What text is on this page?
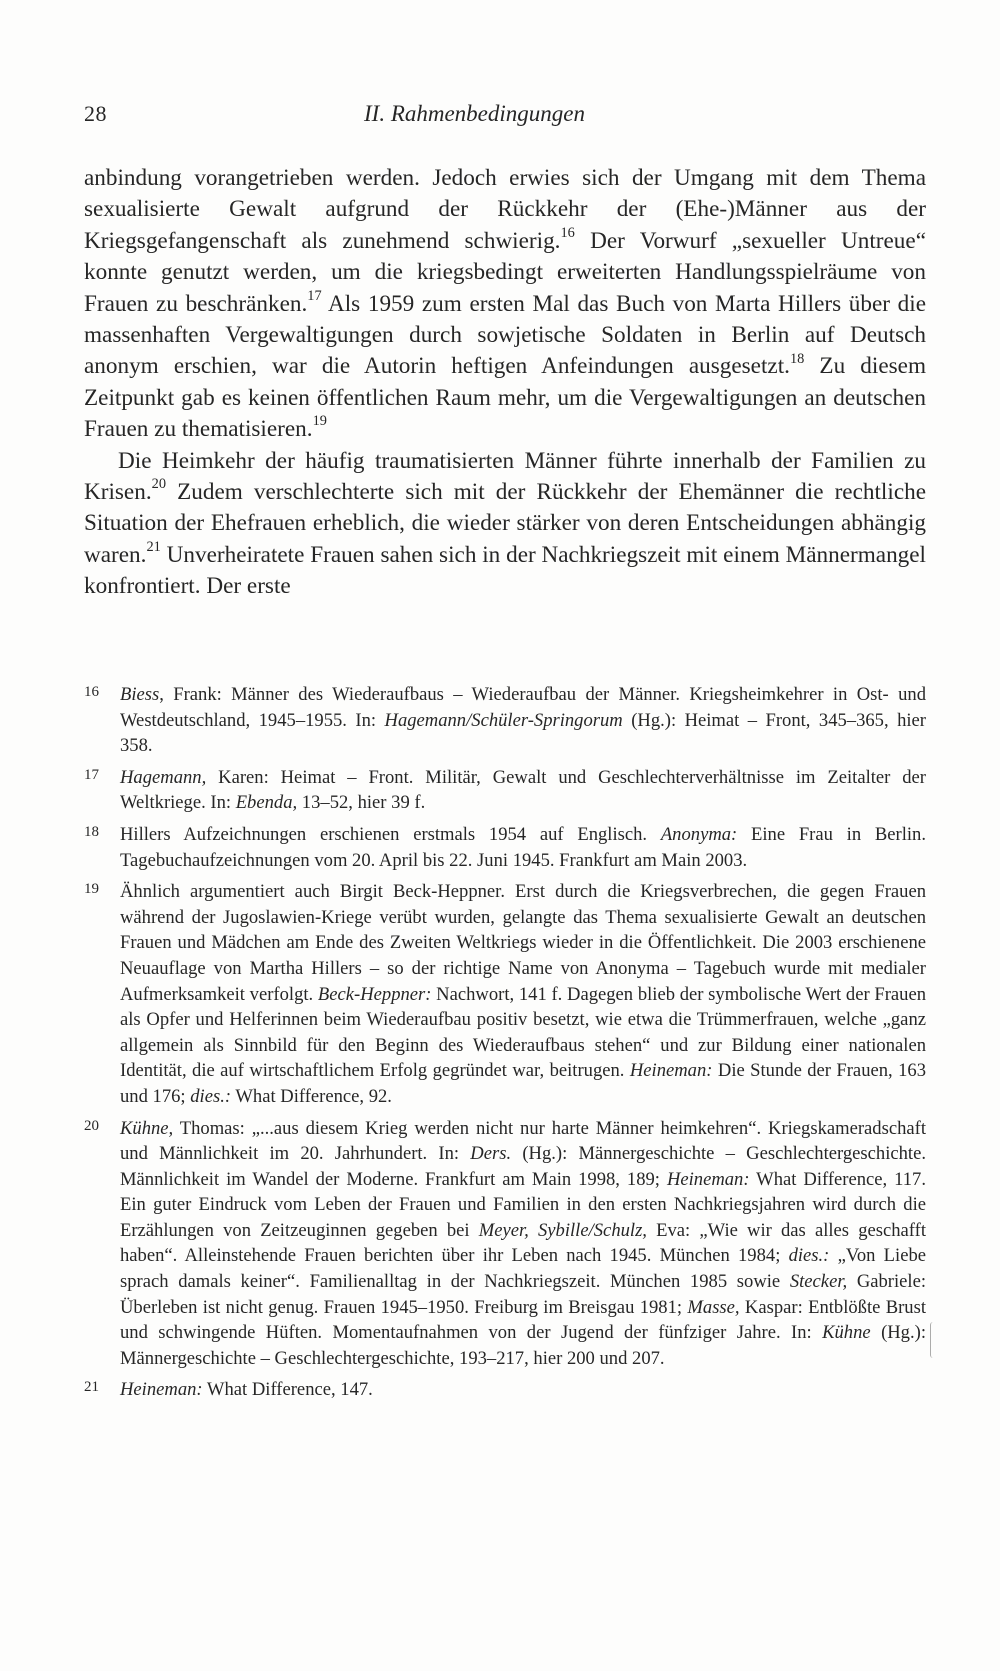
28	II. Rahmenbedingungen

anbindung vorangetrieben werden. Jedoch erwies sich der Umgang mit dem Thema sexualisierte Gewalt aufgrund der Rückkehr der (Ehe-)Männer aus der Kriegsgefangenschaft als zunehmend schwierig.$^{16}$ Der Vorwurf „sexueller Untreue“ konnte genutzt werden, um die kriegsbedingt erweiterten Handlungsspielräume von Frauen zu beschränken.$^{17}$ Als 1959 zum ersten Mal das Buch von Marta Hillers über die massenhaften Vergewaltigungen durch sowjetische Soldaten in Berlin auf Deutsch anonym erschien, war die Autorin heftigen Anfeindungen ausgesetzt.$^{18}$ Zu diesem Zeitpunkt gab es keinen öffentlichen Raum mehr, um die Vergewaltigungen an deutschen Frauen zu thematisieren.$^{19}$

Die Heimkehr der häufig traumatisierten Männer führte innerhalb der Familien zu Krisen.$^{20}$ Zudem verschlechterte sich mit der Rückkehr der Ehemänner die rechtliche Situation der Ehefrauen erheblich, die wieder stärker von deren Entscheidungen abhängig waren.$^{21}$ Unverheiratete Frauen sahen sich in der Nachkriegszeit mit einem Männermangel konfrontiert. Der erste

16 Biess, Frank: Männer des Wiederaufbaus – Wiederaufbau der Männer. Kriegsheimkehrer in Ost- und Westdeutschland, 1945–1955. In: Hagemann/Schüler-Springorum (Hg.): Heimat – Front, 345–365, hier 358.
17 Hagemann, Karen: Heimat – Front. Militär, Gewalt und Geschlechterverhältnisse im Zeitalter der Weltkriege. In: Ebenda, 13–52, hier 39 f.
18 Hillers Aufzeichnungen erschienen erstmals 1954 auf Englisch. Anonyma: Eine Frau in Berlin. Tagebuchaufzeichnungen vom 20. April bis 22. Juni 1945. Frankfurt am Main 2003.
19 Ähnlich argumentiert auch Birgit Beck-Heppner. Erst durch die Kriegsverbrechen, die gegen Frauen während der Jugoslawien-Kriege verübt wurden, gelangte das Thema sexualisierte Gewalt an deutschen Frauen und Mädchen am Ende des Zweiten Weltkriegs wieder in die Öffentlichkeit. Die 2003 erschienene Neuauflage von Martha Hillers – so der richtige Name von Anonyma – Tagebuch wurde mit medialer Aufmerksamkeit verfolgt. Beck-Heppner: Nachwort, 141 f. Dagegen blieb der symbolische Wert der Frauen als Opfer und Helferinnen beim Wiederaufbau positiv besetzt, wie etwa die Trümmerfrauen, welche „ganz allgemein als Sinnbild für den Beginn des Wiederaufbaus stehen“ und zur Bildung einer nationalen Identität, die auf wirtschaftlichem Erfolg gegründet war, beitrugen. Heineman: Die Stunde der Frauen, 163 und 176; dies.: What Difference, 92.
20 Kühne, Thomas: „...aus diesem Krieg werden nicht nur harte Männer heimkehren“. Kriegskameradschaft und Männlichkeit im 20. Jahrhundert. In: Ders. (Hg.): Männergeschichte – Geschlechtergeschichte. Männlichkeit im Wandel der Moderne. Frankfurt am Main 1998, 189; Heineman: What Difference, 117. Ein guter Eindruck vom Leben der Frauen und Familien in den ersten Nachkriegsjahren wird durch die Erzählungen von Zeitzeuginnen gegeben bei Meyer, Sybille/Schulz, Eva: „Wie wir das alles geschafft haben“. Alleinstehende Frauen berichten über ihr Leben nach 1945. München 1984; dies.: „Von Liebe sprach damals keiner“. Familienalltag in der Nachkriegszeit. München 1985 sowie Stecker, Gabriele: Überleben ist nicht genug. Frauen 1945–1950. Freiburg im Breisgau 1981; Masse, Kaspar: Entblößte Brust und schwingende Hüften. Momentaufnahmen von der Jugend der fünfziger Jahre. In: Kühne (Hg.): Männergeschichte – Geschlechtergeschichte, 193–217, hier 200 und 207.
21 Heineman: What Difference, 147.
